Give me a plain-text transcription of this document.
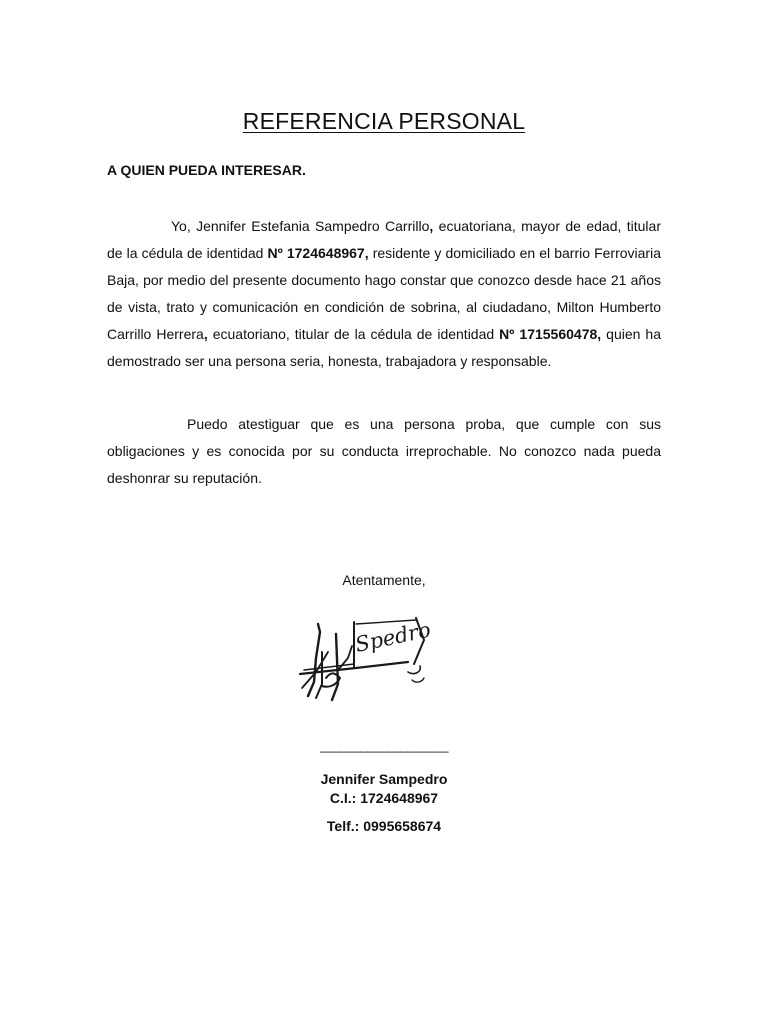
REFERENCIA PERSONAL

A QUIEN PUEDA INTERESAR.

Yo, Jennifer Estefania Sampedro Carrillo, ecuatoriana, mayor de edad, titular de la cédula de identidad Nº 1724648967, residente y domiciliado en el barrio Ferroviaria Baja, por medio del presente documento hago constar que conozco desde hace 21 años de vista, trato y comunicación en condición de sobrina, al ciudadano, Milton Humberto Carrillo Herrera, ecuatoriano, titular de la cédula de identidad Nº 1715560478, quien ha demostrado ser una persona seria, honesta, trabajadora y responsable.

Puedo atestiguar que es una persona proba, que cumple con sus obligaciones y es conocida por su conducta irreprochable. No conozco nada pueda deshonrar su reputación.

Atentamente,

Spedro

___________________

Jennifer Sampedro

C.I.: 1724648967

Telf.: 0995658674
